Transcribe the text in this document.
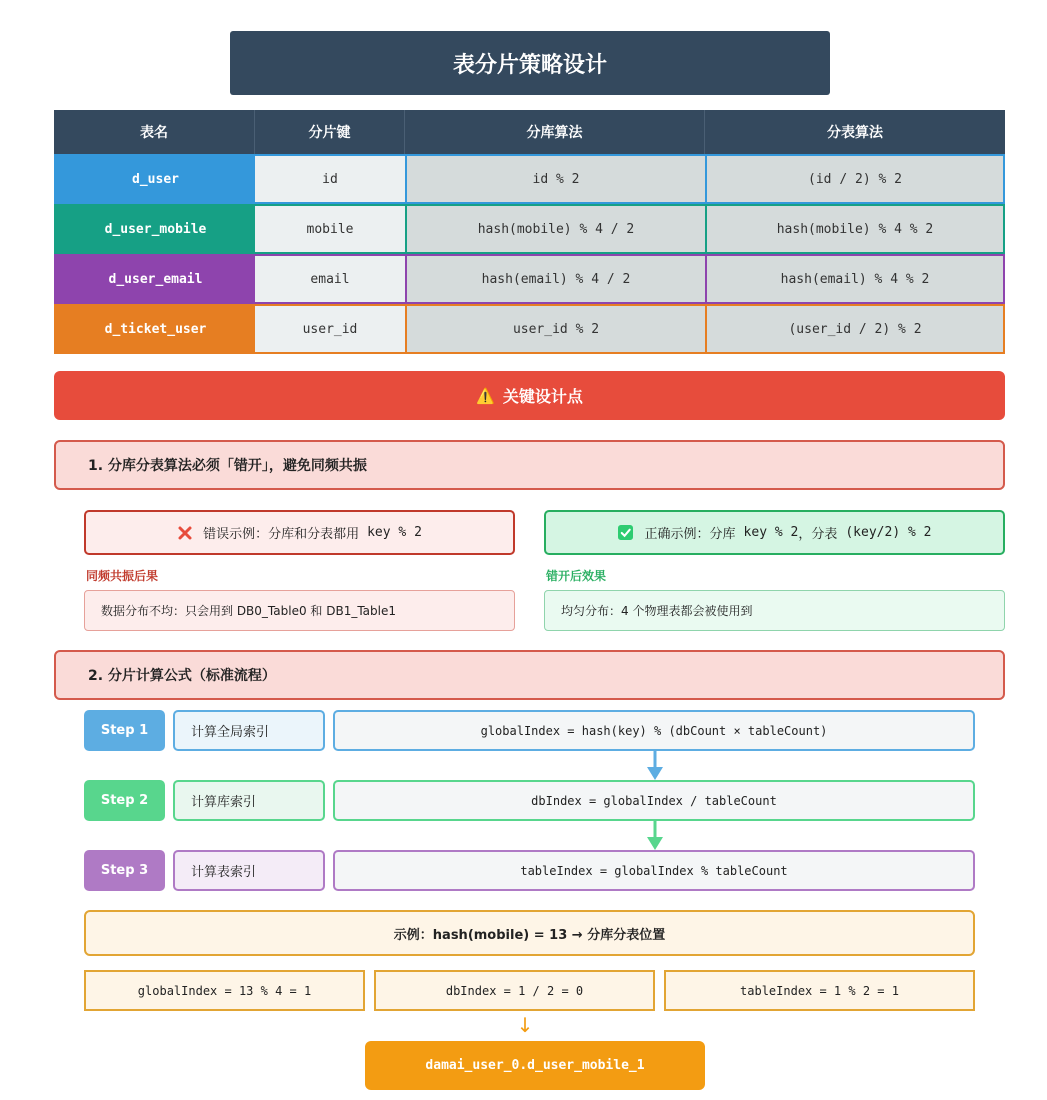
表分片策略设计
表名	分片键	分库算法	分表算法
d_user	id	id % 2	(id / 2) % 2
d_user_mobile	mobile	hash(mobile) % 4 / 2	hash(mobile) % 4 % 2
d_user_email	email	hash(email) % 4 / 2	hash(email) % 4 % 2
d_ticket_user	user_id	user_id % 2	(user_id / 2) % 2
⚠️ 关键设计点
1. 分库分表算法必须「错开」，避免同频共振
错误示例：分库和分表都用 key % 2	正确示例：分库 key % 2 ，分表 (key/2) % 2
同频共振后果	错开后效果
数据分布不均：只会用到 DB0_Table0 和 DB1_Table1	均匀分布：4 个物理表都会被使用到
2. 分片计算公式（标准流程）
Step 1	计算全局索引	globalIndex = hash(key) % (dbCount × tableCount)
Step 2	计算库索引	dbIndex = globalIndex / tableCount
Step 3	计算表索引	tableIndex = globalIndex % tableCount
示例：hash(mobile) = 13 → 分库分表位置
globalIndex = 13 % 4 = 1	dbIndex = 1 / 2 = 0	tableIndex = 1 % 2 = 1
↓
damai_user_0.d_user_mobile_1
